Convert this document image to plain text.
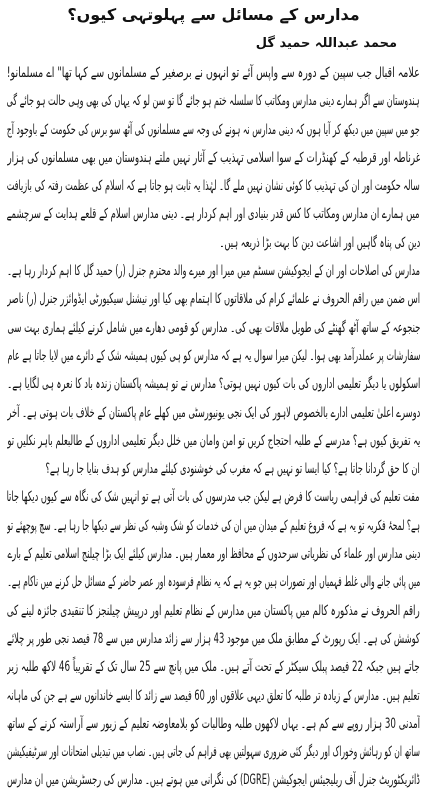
مدارس کے مسائل سے پہلوتہی کیوں؟
محمد عبداللہ حمید گل
علامہ اقبال جب سپین کے دورہ سے واپس آئے تو انہوں نے برصغیر کے مسلمانوں سے کہا تھا" اے مسلمانو!
ہندوستان سے اگر ہمارے دینی مدارس ومکاتب کا سلسلہ ختم ہو جائے گا تو سن لو کہ یہاں کی بھی وہی حالت ہو جائے گی
جو میں سپین میں دیکھ کر آیا ہوں کہ دینی مدارس نہ ہونے کی وجہ سے مسلمانوں کی آٹھ سو برس کی حکومت کے باوجود آج
غرناطہ اور قرطبہ کے کھنڈرات کے سوا اسلامی تہذیب کے آثار نہیں ملتے ہندوستان میں بھی مسلمانوں کی ہزار
سالہ حکومت اور ان کی تہذیب کا کوئی نشان نہیں ملے گا۔ لہٰذا یہ ثابت ہو جاتا ہے کہ اسلام کی عظمت رفتہ کی بازیافت
میں ہمارے ان مدارس ومکاتب کا کس قدر بنیادی اور اہم کردار ہے۔ دینی مدارس اسلام کے قلعے ہدایت کے سرچشمے
دین کی پناہ گاہیں اور اشاعت دین کا بہت بڑا ذریعہ ہیں۔
مدارس کی اصلاحات اور ان کے ایجوکیشن سسٹم میں میرا اور میرے والد محترم جنرل (ر) حمید گل کا اہم کردار رہا ہے۔
اس ضمن میں راقم الحروف نے علمائے کرام کی ملاقاتوں کا اہتمام بھی کیا اور نیشنل سیکیورٹی ایڈوائزر جنرل (ر) ناصر
جنجوعہ کے ساتھ آٹھ گھنٹے کی طویل ملاقات بھی کی۔ مدارس کو قومی دھارے میں شامل کرنے کیلئے ہماری بہت سی
سفارشات پر عملدرآمد بھی ہوا۔ لیکن میرا سوال یہ ہے کہ مدارس کو ہی کیوں ہمیشہ شک کے دائرے میں لایا جاتا ہے عام
اسکولوں یا دیگر تعلیمی اداروں کی بات کیوں نہیں ہوتی؟ مدارس نے تو ہمیشہ پاکستان زندہ باد کا نعرہ ہی لگایا ہے۔
دوسرے اعلیٰ تعلیمی ادارے بالخصوص لاہور کی ایک نجی یونیورسٹی میں کھلے عام پاکستان کے خلاف بات ہوتی ہے۔ آخر
یہ تفریق کیوں ہے؟ مدرسے کے طلبہ احتجاج کریں تو امن وامان میں خلل دیگر تعلیمی اداروں کے طالبعلم باہر نکلیں تو
ان کا حق گردانا جاتا ہے؟ کیا ایسا تو نہیں ہے کہ مغرب کی خوشنودی کیلئے مدارس کو ہدف بنایا جا رہا ہے؟
مفت تعلیم کی فراہمی ریاست کا فرض ہے لیکن جب مدرسوں کی بات آتی ہے تو انہیں شک کی نگاہ سے کیوں دیکھا جاتا
ہے؟ لمحۂ فکریہ تو یہ ہے کہ فروغ تعلیم کے میدان میں ان کی خدمات کو شک وشبہ کی نظر سے دیکھا جا رہا ہے۔ سچ پوچھئے تو
دینی مدارس اور علماء کی نظریاتی سرحدوں کے محافظ اور معمار ہیں۔ مدارس کیلئے ایک بڑا چیلنج اسلامی تعلیم کے بارے
میں پائی جانے والی غلط فہمیاں اور تصورات ہیں جو یہ ہے کہ یہ نظام فرسودہ اور عصر حاضر کے مسائل حل کرنے میں ناکام ہے۔
راقم الحروف نے مذکورہ کالم میں پاکستان میں مدارس کے نظام تعلیم اور درپیش چیلنجز کا تنقیدی جائزہ لینے کی
کوشش کی ہے۔ ایک رپورٹ کے مطابق ملک میں موجود 43 ہزار سے زائد مدارس میں سے 78 فیصد نجی طور پر چلائے
جاتے ہیں جبکہ 22 فیصد پبلک سیکٹر کے تحت آتے ہیں۔ ملک میں پانچ سے 25 سال تک کے تقریباً 46 لاکھ طلبہ زیر
تعلیم ہیں۔ مدارس کے زیادہ تر طلبہ کا تعلق دیہی علاقوں اور 60 فیصد سے زائد کا ایسے خاندانوں سے ہے جن کی ماہانہ
آمدنی 30 ہزار روپے سے کم ہے۔ یہاں لاکھوں طلبہ وطالبات کو بلامعاوضہ تعلیم کے زیور سے آراستہ کرنے کے ساتھ
ساتھ ان کو رہائش وخوراک اور دیگر کئی ضروری سہولتیں بھی فراہم کی جاتی ہیں۔ نصاب میں تبدیلی امتحانات اور سرٹیفیکیشن
ڈائریکٹوریٹ جنرل آف ریلیجیئس ایجوکیشن (DGRE) کی نگرانی میں ہوتے ہیں۔ مدارس کی رجسٹریشن میں ان مدارس
